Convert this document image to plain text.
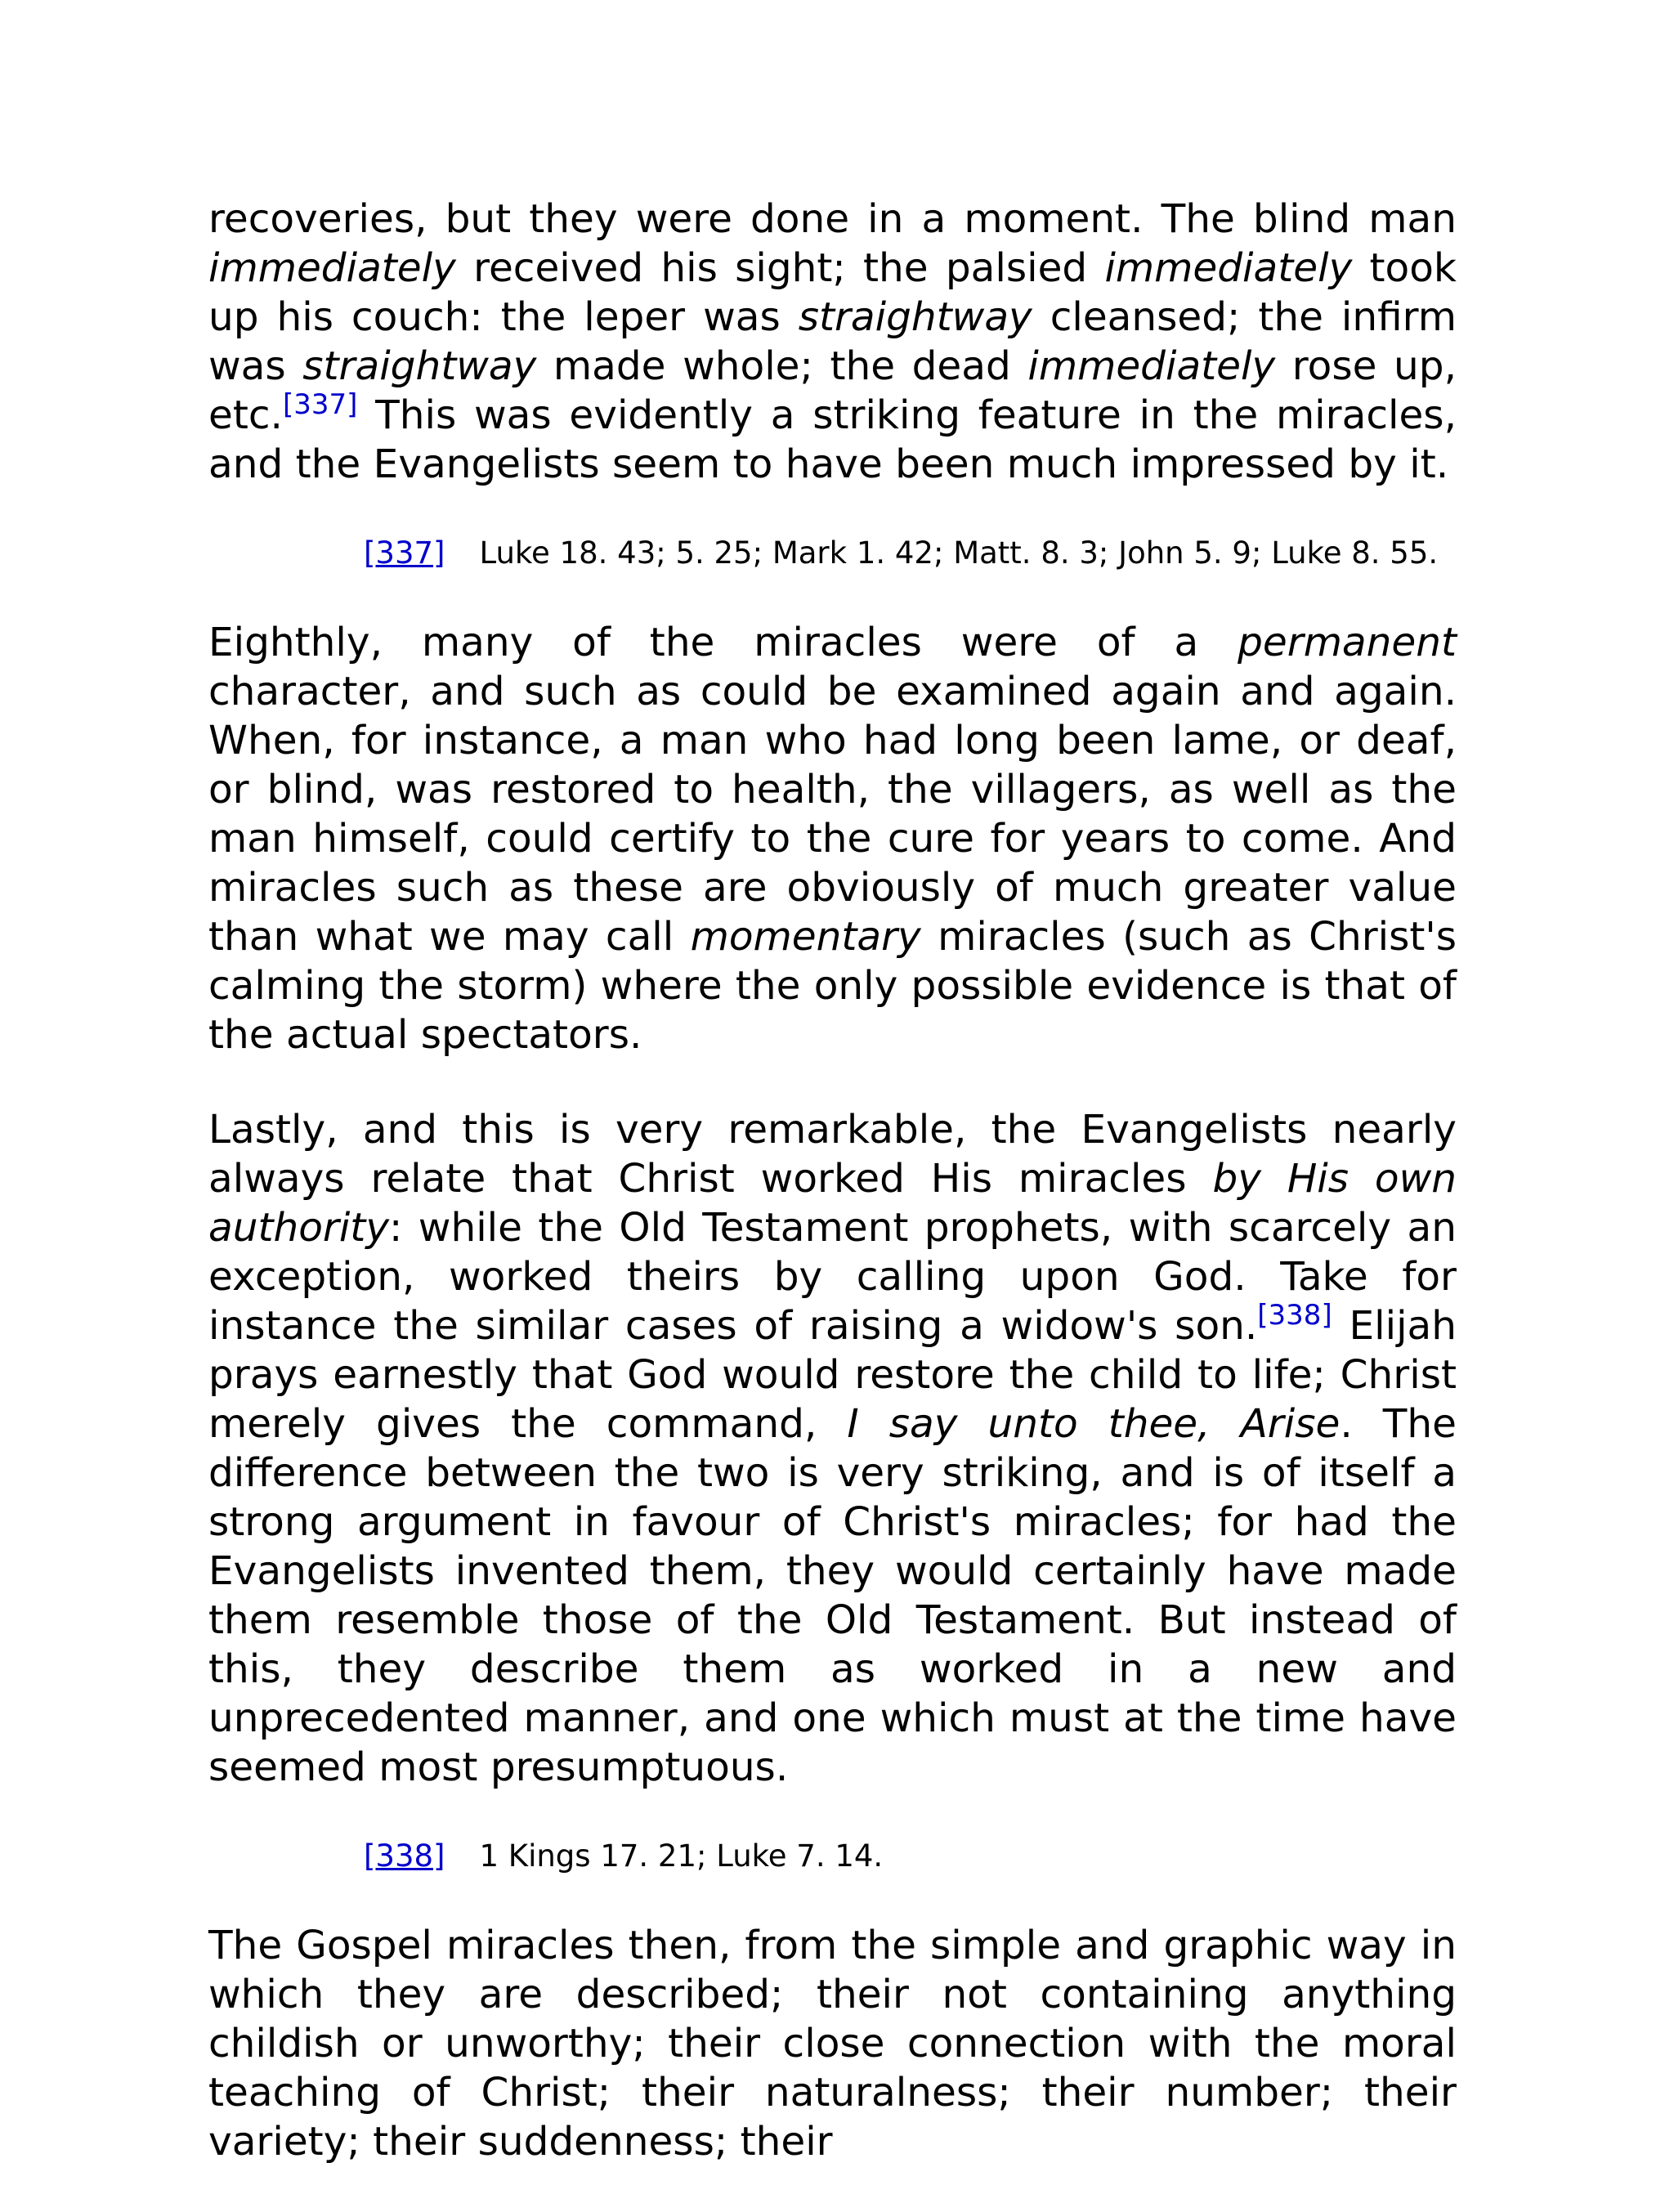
recoveries, but they were done in a moment. The blind man immediately received his sight; the palsied immediately took up his couch: the leper was straightway cleansed; the infirm was straightway made whole; the dead immediately rose up, etc.[337] This was evidently a striking feature in the miracles, and the Evangelists seem to have been much impressed by it.

[337] Luke 18. 43; 5. 25; Mark 1. 42; Matt. 8. 3; John 5. 9; Luke 8. 55.

Eighthly, many of the miracles were of a permanent character, and such as could be examined again and again. When, for instance, a man who had long been lame, or deaf, or blind, was restored to health, the villagers, as well as the man himself, could certify to the cure for years to come. And miracles such as these are obviously of much greater value than what we may call momentary miracles (such as Christ's calming the storm) where the only possible evidence is that of the actual spectators.

Lastly, and this is very remarkable, the Evangelists nearly always relate that Christ worked His miracles by His own authority: while the Old Testament prophets, with scarcely an exception, worked theirs by calling upon God. Take for instance the similar cases of raising a widow's son.[338] Elijah prays earnestly that God would restore the child to life; Christ merely gives the command, I say unto thee, Arise. The difference between the two is very striking, and is of itself a strong argument in favour of Christ's miracles; for had the Evangelists invented them, they would certainly have made them resemble those of the Old Testament. But instead of this, they describe them as worked in a new and unprecedented manner, and one which must at the time have seemed most presumptuous.

[338] 1 Kings 17. 21; Luke 7. 14.

The Gospel miracles then, from the simple and graphic way in which they are described; their not containing anything childish or unworthy; their close connection with the moral teaching of Christ; their naturalness; their number; their variety; their suddenness; their
